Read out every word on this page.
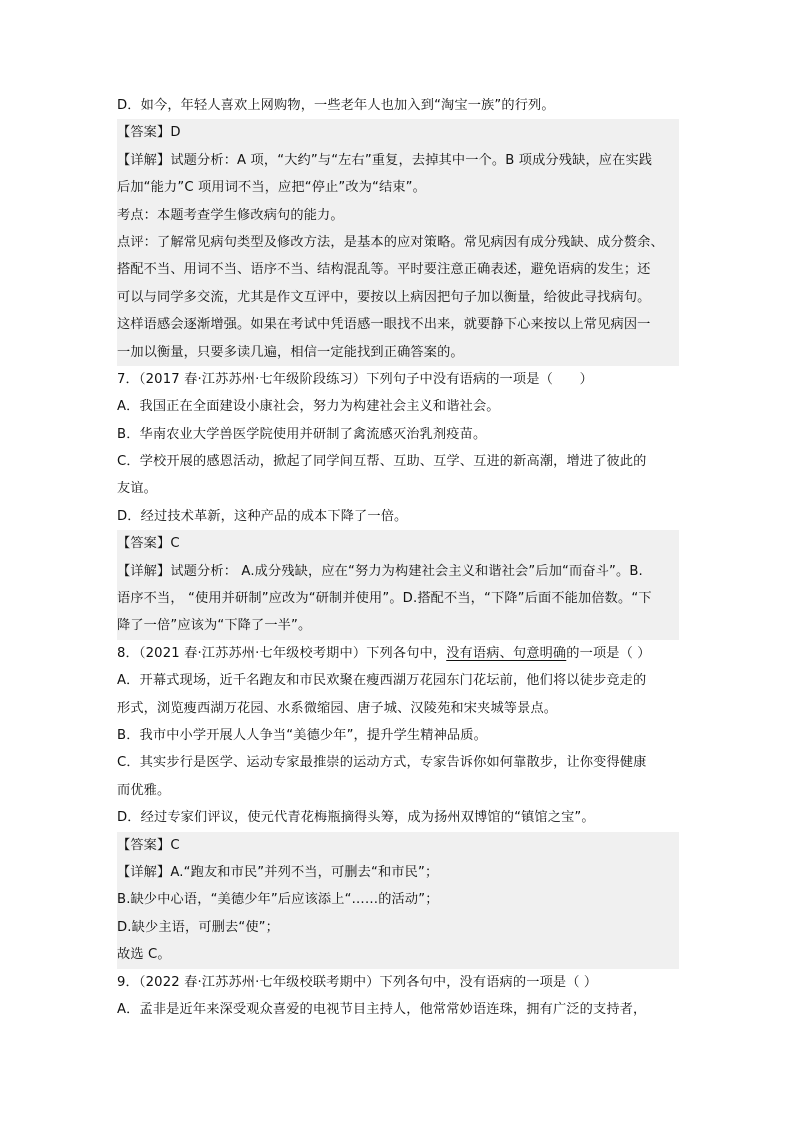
D．如今，年轻人喜欢上网购物，一些老年人也加入到“淘宝一族”的行列。
【答案】D
【详解】试题分析：A 项，“大约”与“左右”重复，去掉其中一个。B 项成分残缺，应在实践
后加“能力”C 项用词不当，应把“停止”改为“结束”。
考点：本题考查学生修改病句的能力。
点评：了解常见病句类型及修改方法，是基本的应对策略。常见病因有成分残缺、成分赘余、
搭配不当、用词不当、语序不当、结构混乱等。平时要注意正确表述，避免语病的发生；还
可以与同学多交流，尤其是作文互评中，要按以上病因把句子加以衡量，给彼此寻找病句。
这样语感会逐渐增强。如果在考试中凭语感一眼找不出来，就要静下心来按以上常见病因一
一加以衡量，只要多读几遍，相信一定能找到正确答案的。
7．（2017 春·江苏苏州·七年级阶段练习）下列句子中没有语病的一项是（　　）
A．我国正在全面建设小康社会，努力为构建社会主义和谐社会。
B．华南农业大学兽医学院使用并研制了禽流感灭治乳剂疫苗。
C．学校开展的感恩活动，掀起了同学间互帮、互助、互学、互进的新高潮，增进了彼此的
友谊。
D．经过技术革新，这种产品的成本下降了一倍。
【答案】C
【详解】试题分析： A.成分残缺，应在“努力为构建社会主义和谐社会”后加“而奋斗”。B.
语序不当， “使用并研制”应改为“研制并使用”。D.搭配不当，“下降”后面不能加倍数。“下
降了一倍”应该为“下降了一半”。
8．（2021 春·江苏苏州·七年级校考期中）下列各句中，没有语病、句意明确的一项是（ ）
A．开幕式现场，近千名跑友和市民欢聚在瘦西湖万花园东门花坛前，他们将以徒步竞走的
形式，浏览瘦西湖万花园、水系微缩园、唐子城、汉陵苑和宋夹城等景点。
B．我市中小学开展人人争当“美德少年”，提升学生精神品质。
C．其实步行是医学、运动专家最推崇的运动方式，专家告诉你如何靠散步，让你变得健康
而优雅。
D．经过专家们评议，使元代青花梅瓶摘得头筹，成为扬州双博馆的“镇馆之宝”。
【答案】C
【详解】A.“跑友和市民”并列不当，可删去“和市民”；
B.缺少中心语，“美德少年”后应该添上“……的活动”；
D.缺少主语，可删去“使”；
故选 C。
9．（2022 春·江苏苏州·七年级校联考期中）下列各句中，没有语病的一项是（ ）
A．孟非是近年来深受观众喜爱的电视节目主持人，他常常妙语连珠，拥有广泛的支持者，
